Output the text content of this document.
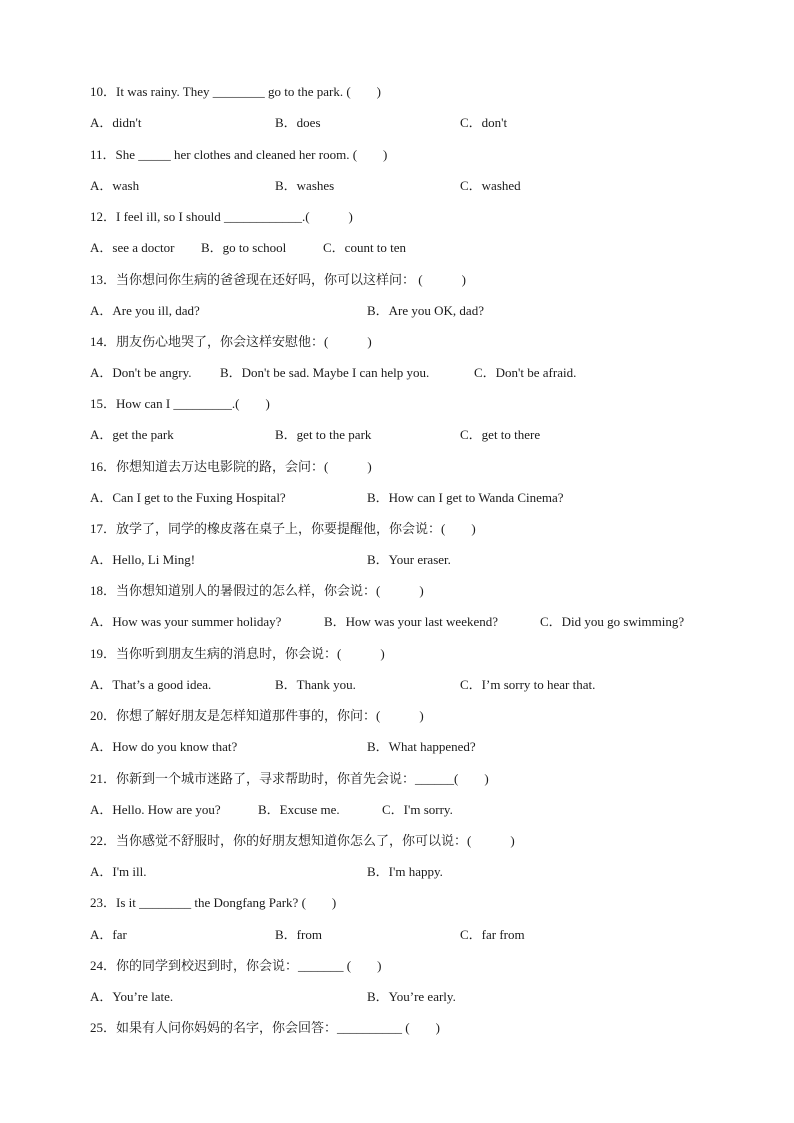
10．It was rainy. They ________ go to the park. (　　)
A．didn't	B．does	C．don't
11．She _____ her clothes and cleaned her room. (　　)
A．wash	B．washes	C．washed
12．I feel ill, so I should ____________.(　　　)
A．see a doctor B．go to school	C．count to ten
13．当你想问你生病的爸爸现在还好吗，你可以这样问： (　　　)
A．Are you ill, dad?	B．Are you OK, dad?
14．朋友伤心地哭了，你会这样安慰他：(　　　)
A．Don't be angry. B．Don't be sad. Maybe I can help you.	C．Don't be afraid.
15．How can I _________.(　　)
A．get the park	B．get to the park	C．get to there
16．你想知道去万达电影院的路，会问：(　　　)
A．Can I get to the Fuxing Hospital?	B．How can I get to Wanda Cinema?
17．放学了，同学的橡皮落在桌子上，你要提醒他，你会说：(　　)
A．Hello, Li Ming!	B．Your eraser.
18．当你想知道别人的暑假过的怎么样，你会说：(　　　)
A．How was your summer holiday?	B．How was your last weekend?	C．Did you go swimming?
19．当你听到朋友生病的消息时，你会说：(　　　)
A．That’s a good idea.	B．Thank you.	C．I’m sorry to hear that.
20．你想了解好朋友是怎样知道那件事的，你问：(　　　)
A．How do you know that?	B．What happened?
21．你新到一个城市迷路了，寻求帮助时，你首先会说：______(　　)
A．Hello. How are you?	B．Excuse me.	C．I'm sorry.
22．当你感觉不舒服时，你的好朋友想知道你怎么了，你可以说：(　　　)
A．I'm ill.	B．I'm happy.
23．Is it ________ the Dongfang Park? (　　)
A．far	B．from	C．far from
24．你的同学到校迟到时，你会说：_______ (　　)
A．You’re late.	B．You’re early.
25．如果有人问你妈妈的名字，你会回答：__________ (　　)
